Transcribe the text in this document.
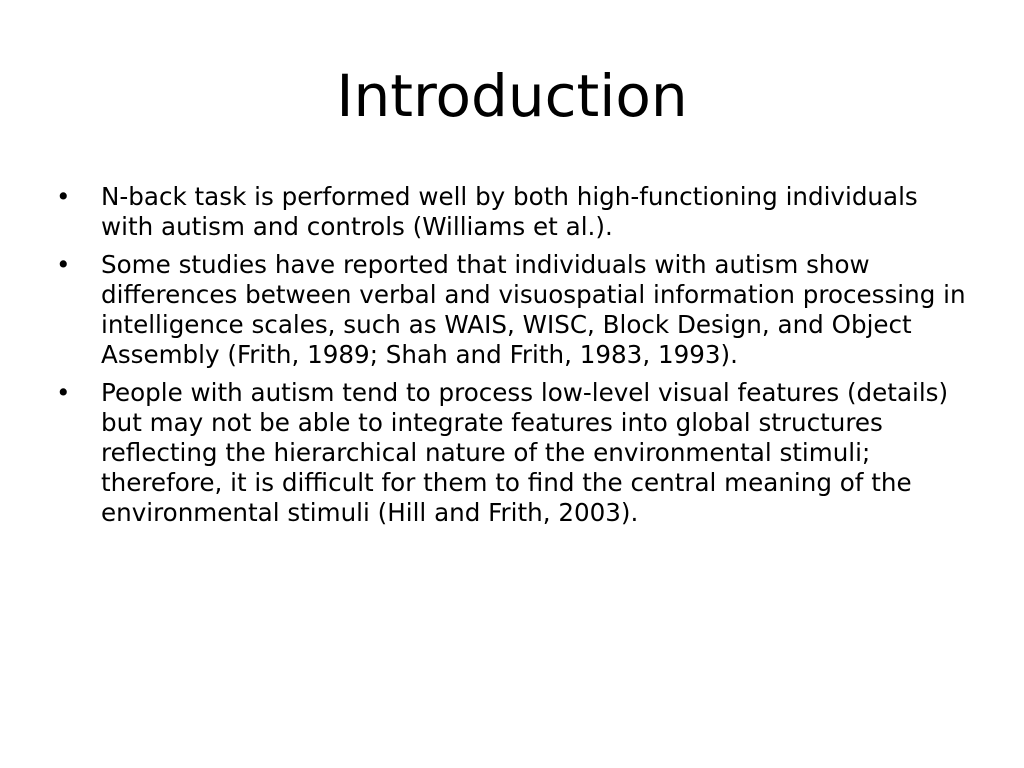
Introduction
• N-back task is performed well by both high-functioning individuals with autism and controls (Williams et al.).
• Some studies have reported that individuals with autism show differences between verbal and visuospatial information processing in intelligence scales, such as WAIS, WISC, Block Design, and Object Assembly (Frith, 1989; Shah and Frith, 1983, 1993).
• People with autism tend to process low-level visual features (details) but may not be able to integrate features into global structures reflecting the hierarchical nature of the environmental stimuli; therefore, it is difficult for them to find the central meaning of the environmental stimuli (Hill and Frith, 2003).
